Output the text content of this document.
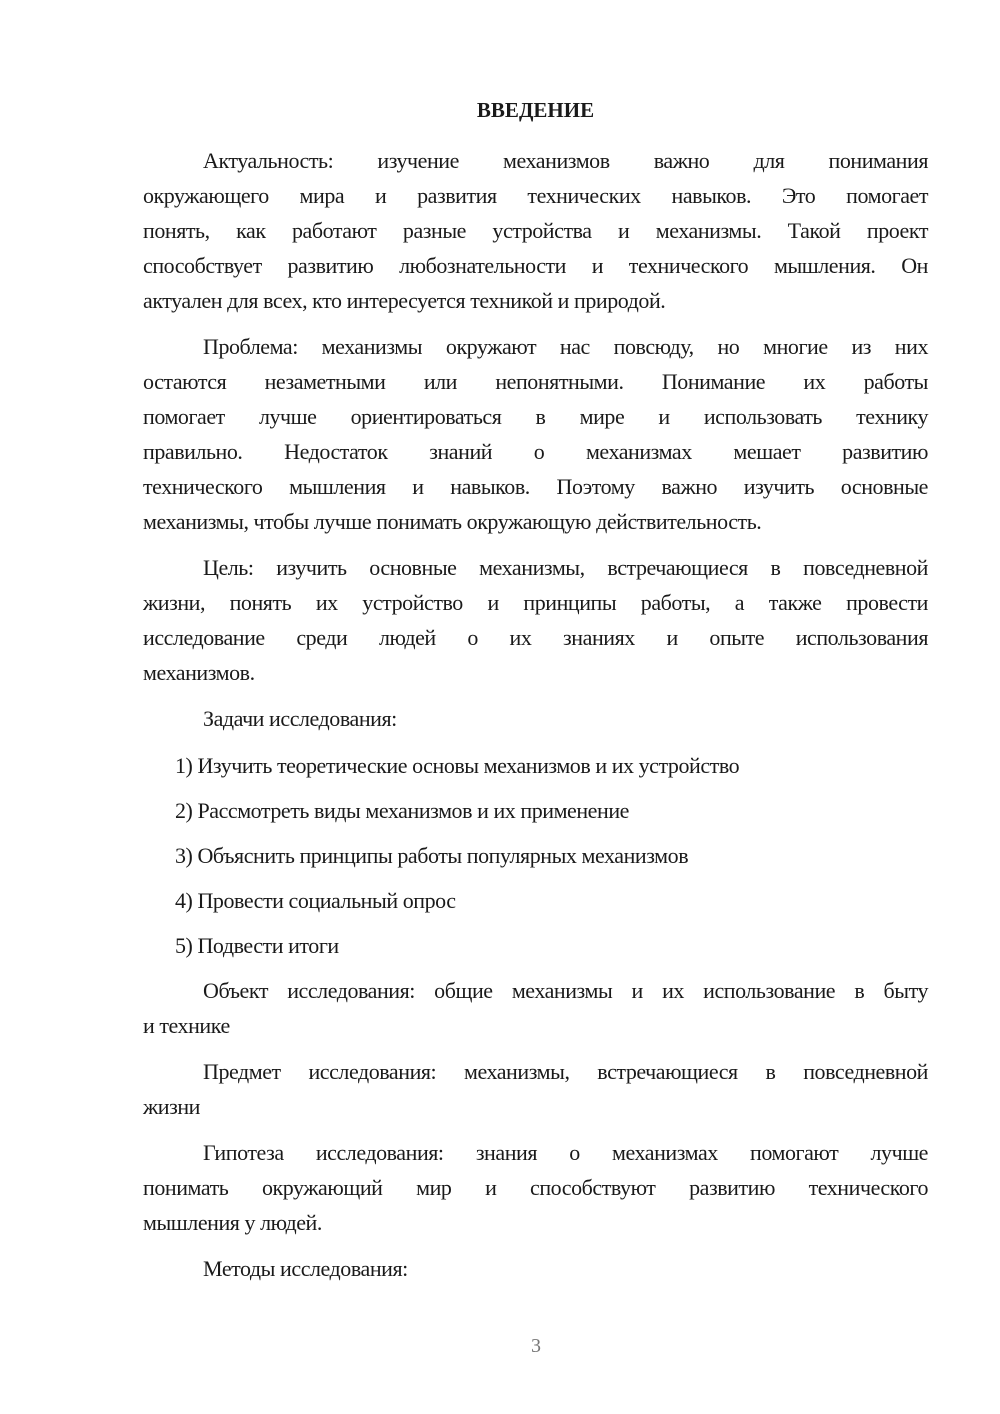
ВВЕДЕНИЕ
Актуальность: изучение механизмов важно для понимания
окружающего мира и развития технических навыков. Это помогает
понять, как работают разные устройства и механизмы. Такой проект
способствует развитию любознательности и технического мышления. Он
актуален для всех, кто интересуется техникой и природой.
Проблема: механизмы окружают нас повсюду, но многие из них
остаются незаметными или непонятными. Понимание их работы
помогает лучше ориентироваться в мире и использовать технику
правильно. Недостаток знаний о механизмах мешает развитию
технического мышления и навыков. Поэтому важно изучить основные
механизмы, чтобы лучше понимать окружающую действительность.
Цель: изучить основные механизмы, встречающиеся в повседневной
жизни, понять их устройство и принципы работы, а также провести
исследование среди людей о их знаниях и опыте использования
механизмов.
Задачи исследования:
1) Изучить теоретические основы механизмов и их устройство
2) Рассмотреть виды механизмов и их применение
3) Объяснить принципы работы популярных механизмов
4) Провести социальный опрос
5) Подвести итоги
Объект исследования: общие механизмы и их использование в быту
и технике
Предмет исследования: механизмы, встречающиеся в повседневной
жизни
Гипотеза исследования: знания о механизмах помогают лучше
понимать окружающий мир и способствуют развитию технического
мышления у людей.
Методы исследования:
3
